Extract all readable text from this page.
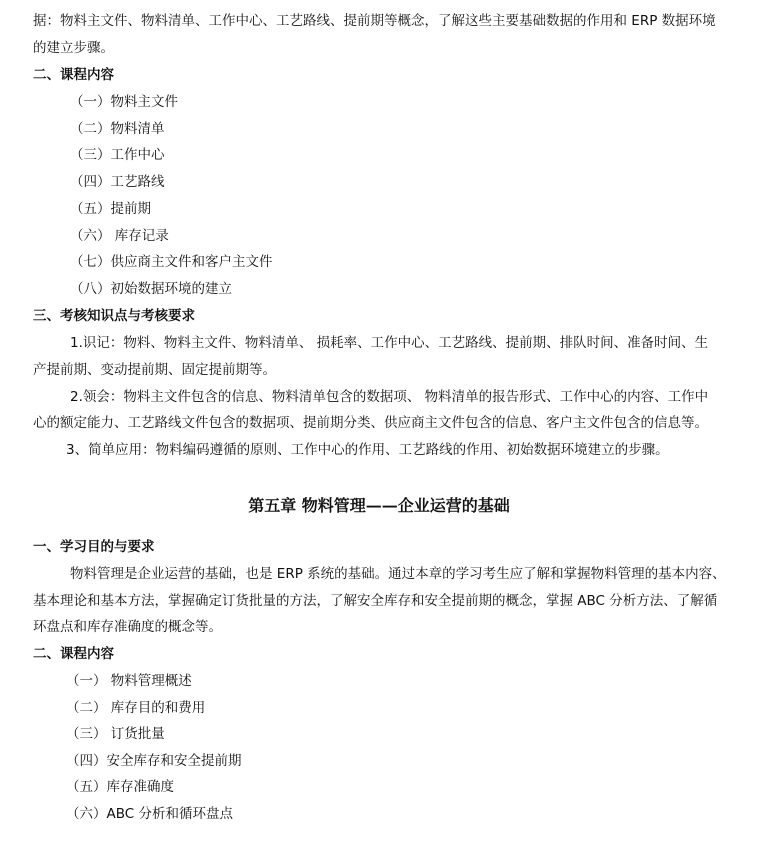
据：物料主文件、物料清单、工作中心、工艺路线、提前期等概念，了解这些主要基础数据的作用和 ERP 数据环境
的建立步骤。
二、课程内容
（一）物料主文件
（二）物料清单
（三）工作中心
（四）工艺路线
（五）提前期
（六） 库存记录
（七）供应商主文件和客户主文件
（八）初始数据环境的建立
三、考核知识点与考核要求
1.识记：物料、物料主文件、物料清单、 损耗率、工作中心、工艺路线、提前期、排队时间、准备时间、生
产提前期、变动提前期、固定提前期等。
2.领会：物料主文件包含的信息、物料清单包含的数据项、 物料清单的报告形式、工作中心的内容、工作中
心的额定能力、工艺路线文件包含的数据项、提前期分类、供应商主文件包含的信息、客户主文件包含的信息等。
3、简单应用：物料编码遵循的原则、工作中心的作用、工艺路线的作用、初始数据环境建立的步骤。
第五章 物料管理——企业运营的基础
一、学习目的与要求
物料管理是企业运营的基础，也是 ERP 系统的基础。通过本章的学习考生应了解和掌握物料管理的基本内容、
基本理论和基本方法，掌握确定订货批量的方法，了解安全库存和安全提前期的概念，掌握 ABC 分析方法、了解循
环盘点和库存准确度的概念等。
二、课程内容
（一） 物料管理概述
（二） 库存目的和费用
（三） 订货批量
（四）安全库存和安全提前期
（五）库存准确度
（六）ABC 分析和循环盘点
